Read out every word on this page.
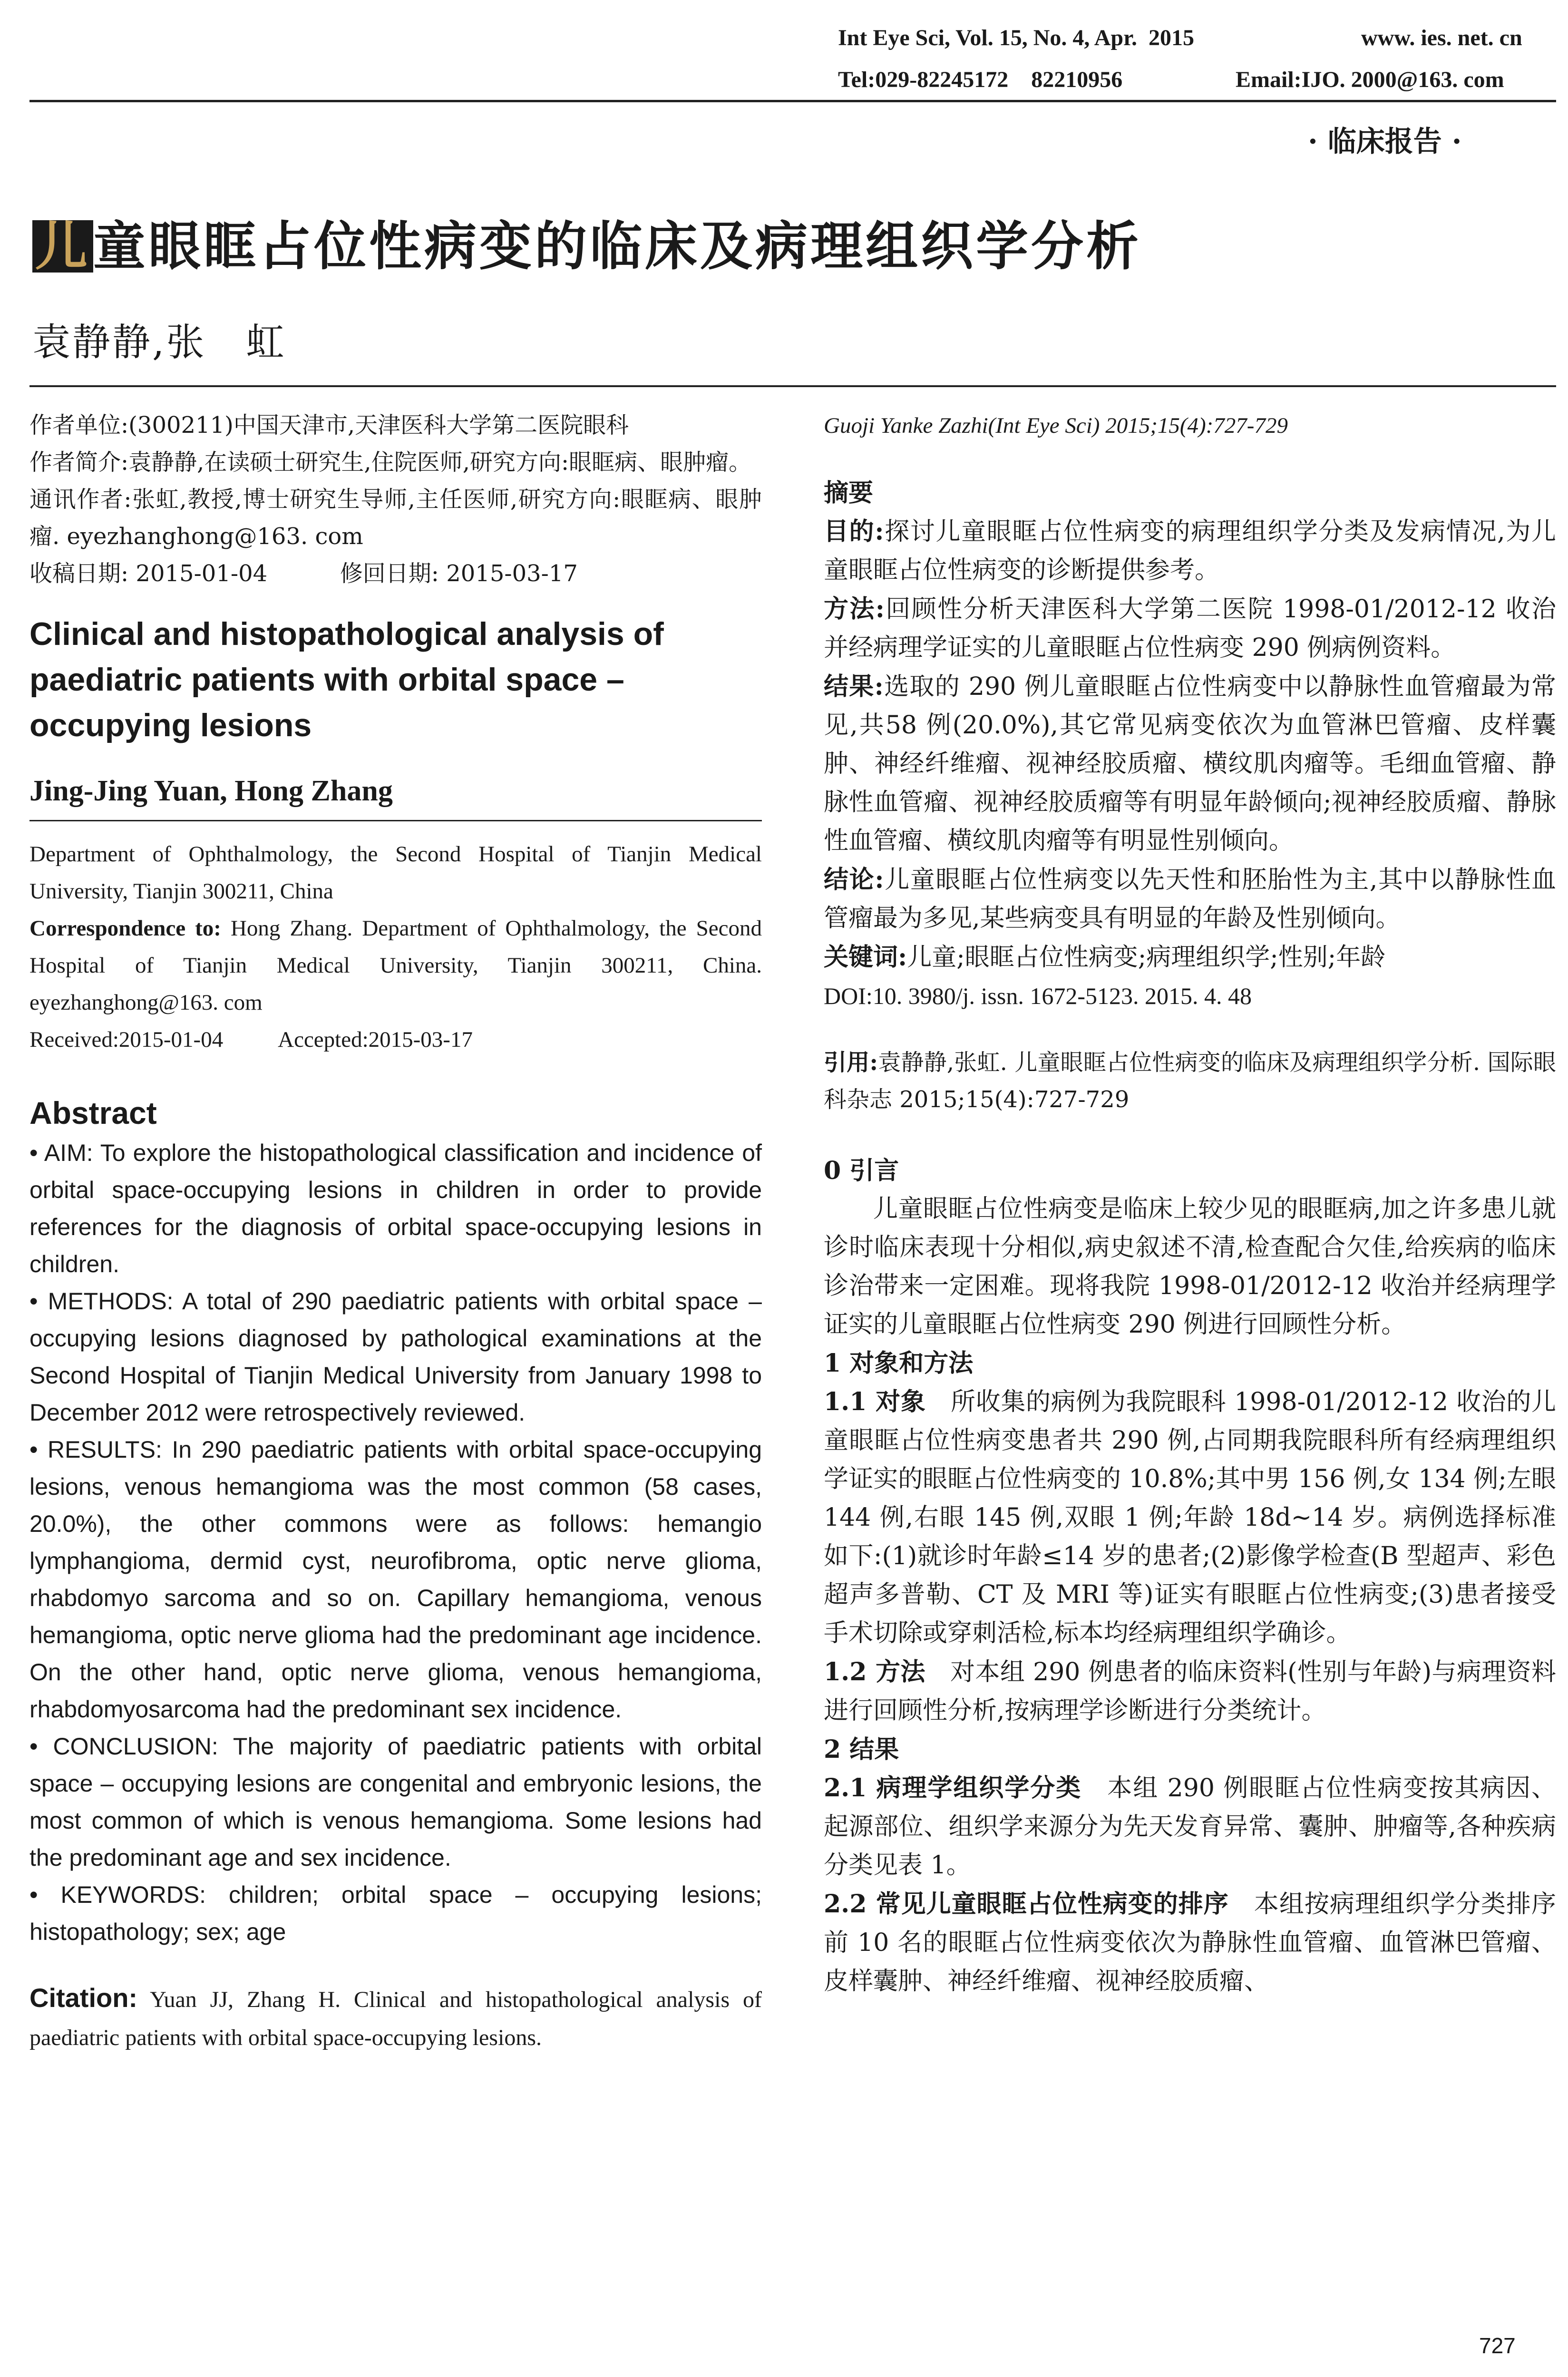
Int Eye Sci, Vol. 15, No. 4, Apr.  2015	www. ies. net. cn
Tel:029-82245172    82210956	Email:IJO. 2000@163. com
· 临床报告 ·
儿童眼眶占位性病变的临床及病理组织学分析
袁静静,张　虹

作者单位:(300211)中国天津市,天津医科大学第二医院眼科

作者简介:袁静静,在读硕士研究生,住院医师,研究方向:眼眶病、眼肿瘤。

通讯作者:张虹,教授,博士研究生导师,主任医师,研究方向:眼眶病、眼肿瘤. eyezhanghong@163. com

收稿日期: 2015-01-04	修回日期: 2015-03-17

Clinical and histopathological analysis of paediatric patients with orbital space – occupying lesions

Jing-Jing Yuan, Hong Zhang

Department of Ophthalmology, the Second Hospital of Tianjin Medical University, Tianjin 300211, China

Correspondence to: Hong Zhang. Department of Ophthalmology, the Second Hospital of Tianjin Medical University, Tianjin 300211, China. eyezhanghong@163. com

Received:2015-01-04 Accepted:2015-03-17

Abstract

• AIM: To explore the histopathological classification and incidence of orbital space-occupying lesions in children in order to provide references for the diagnosis of orbital space-occupying lesions in children.

• METHODS: A total of 290 paediatric patients with orbital space – occupying lesions diagnosed by pathological examinations at the Second Hospital of Tianjin Medical University from January 1998 to December 2012 were retrospectively reviewed.

• RESULTS: In 290 paediatric patients with orbital space-occupying lesions, venous hemangioma was the most common (58 cases, 20.0%), the other commons were as follows: hemangio lymphangioma, dermid cyst, neurofibroma, optic nerve glioma, rhabdomyo sarcoma and so on. Capillary hemangioma, venous hemangioma, optic nerve glioma had the predominant age incidence. On the other hand, optic nerve glioma, venous hemangioma, rhabdomyosarcoma had the predominant sex incidence.

• CONCLUSION: The majority of paediatric patients with orbital space – occupying lesions are congenital and embryonic lesions, the most common of which is venous hemangioma. Some lesions had the predominant age and sex incidence.

• KEYWORDS: children; orbital space – occupying lesions; histopathology; sex; age

Citation: Yuan JJ, Zhang H. Clinical and histopathological analysis of paediatric patients with orbital space-occupying lesions.

Guoji Yanke Zazhi(Int Eye Sci) 2015;15(4):727-729

摘要

目的:探讨儿童眼眶占位性病变的病理组织学分类及发病情况,为儿童眼眶占位性病变的诊断提供参考。

方法:回顾性分析天津医科大学第二医院 1998-01/2012-12 收治并经病理学证实的儿童眼眶占位性病变 290 例病例资料。

结果:选取的 290 例儿童眼眶占位性病变中以静脉性血管瘤最为常见,共58 例(20.0%),其它常见病变依次为血管淋巴管瘤、皮样囊肿、神经纤维瘤、视神经胶质瘤、横纹肌肉瘤等。毛细血管瘤、静脉性血管瘤、视神经胶质瘤等有明显年龄倾向;视神经胶质瘤、静脉性血管瘤、横纹肌肉瘤等有明显性别倾向。

结论:儿童眼眶占位性病变以先天性和胚胎性为主,其中以静脉性血管瘤最为多见,某些病变具有明显的年龄及性别倾向。

关键词:儿童;眼眶占位性病变;病理组织学;性别;年龄

DOI:10. 3980/j. issn. 1672-5123. 2015. 4. 48

引用:袁静静,张虹. 儿童眼眶占位性病变的临床及病理组织学分析. 国际眼科杂志 2015;15(4):727-729

0 引言

儿童眼眶占位性病变是临床上较少见的眼眶病,加之许多患儿就诊时临床表现十分相似,病史叙述不清,检查配合欠佳,给疾病的临床诊治带来一定困难。现将我院 1998-01/2012-12 收治并经病理学证实的儿童眼眶占位性病变 290 例进行回顾性分析。

1 对象和方法

1.1 对象　所收集的病例为我院眼科 1998-01/2012-12 收治的儿童眼眶占位性病变患者共 290 例,占同期我院眼科所有经病理组织学证实的眼眶占位性病变的 10.8%;其中男 156 例,女 134 例;左眼 144 例,右眼 145 例,双眼 1 例;年龄 18d~14 岁。病例选择标准如下:(1)就诊时年龄≤14 岁的患者;(2)影像学检查(B 型超声、彩色超声多普勒、CT 及 MRI 等)证实有眼眶占位性病变;(3)患者接受手术切除或穿刺活检,标本均经病理组织学确诊。

1.2 方法　对本组 290 例患者的临床资料(性别与年龄)与病理资料进行回顾性分析,按病理学诊断进行分类统计。

2 结果

2.1 病理学组织学分类　本组 290 例眼眶占位性病变按其病因、起源部位、组织学来源分为先天发育异常、囊肿、肿瘤等,各种疾病分类见表 1。

2.2 常见儿童眼眶占位性病变的排序　本组按病理组织学分类排序前 10 名的眼眶占位性病变依次为静脉性血管瘤、血管淋巴管瘤、皮样囊肿、神经纤维瘤、视神经胶质瘤、

727
